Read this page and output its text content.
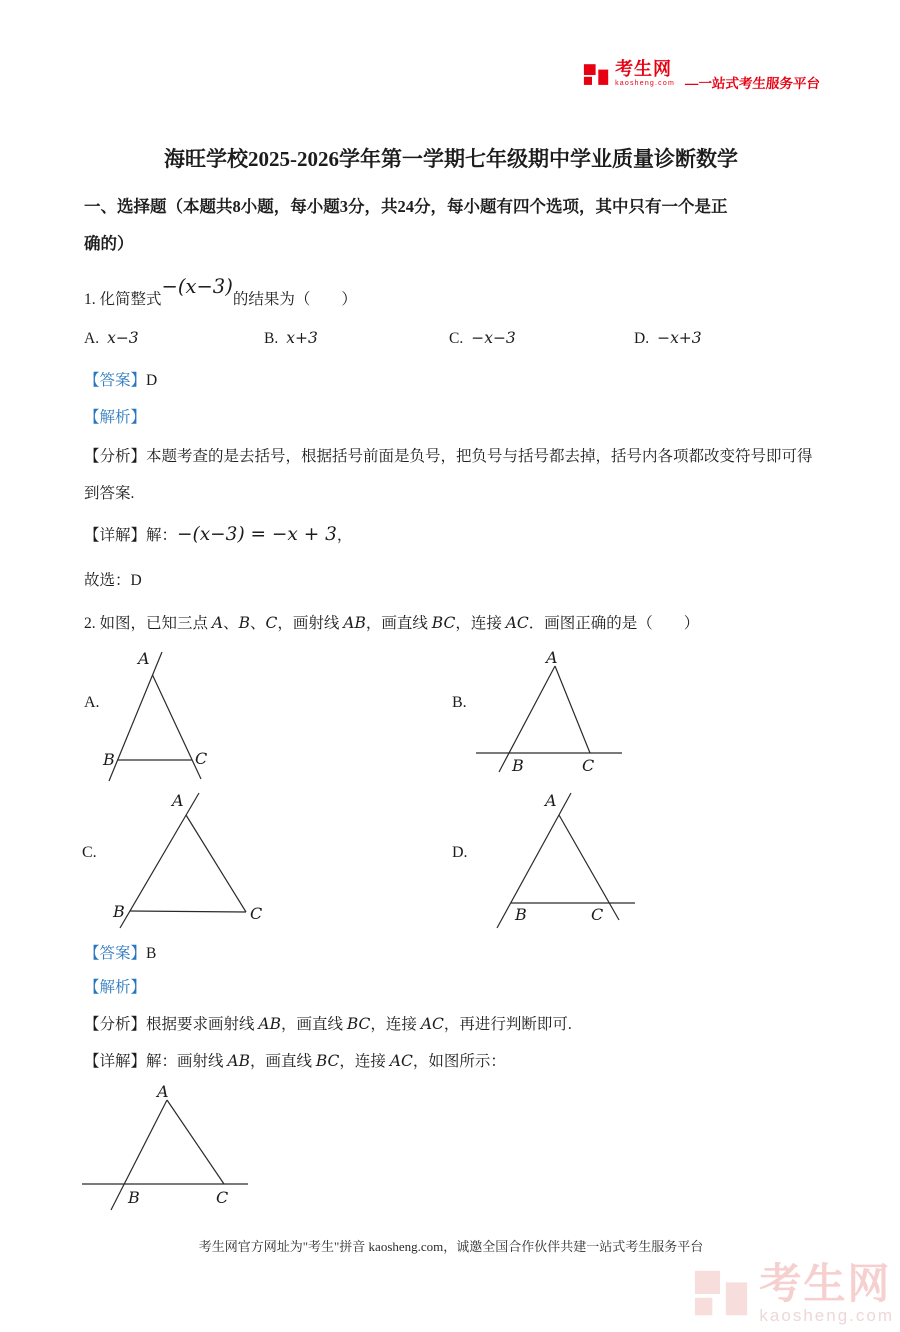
考生网
kaosheng.com —一站式考生服务平台
海旺学校2025-2026学年第一学期七年级期中学业质量诊断数学
一、选择题（本题共8小题，每小题3分，共24分，每小题有四个选项，其中只有一个是正
确的）
1. 化简整式−(x−3)的结果为（　　）
A. x−3	B. x+3	C. −x−3	D. −x+3
【答案】D
【解析】
【分析】本题考查的是去括号，根据括号前面是负号，把负号与括号都去掉，括号内各项都改变符号即可得
到答案.
【详解】解：−(x−3) = −x + 3，
故选：D
2. 如图，已知三点 A、B、C，画射线 AB，画直线 BC，连接 AC．画图正确的是（　　）
A.
A
B	C
B.
A
B	C
C.
A
B	C
D.
A
B	C
【答案】B
【解析】
【分析】根据要求画射线 AB，画直线 BC，连接 AC，再进行判断即可.
【详解】解：画射线 AB，画直线 BC，连接 AC，如图所示：
A
B	C
考生网官方网址为"考生"拼音 kaosheng.com，诚邀全国合作伙伴共建一站式考生服务平台
考生网
kaosheng.com
